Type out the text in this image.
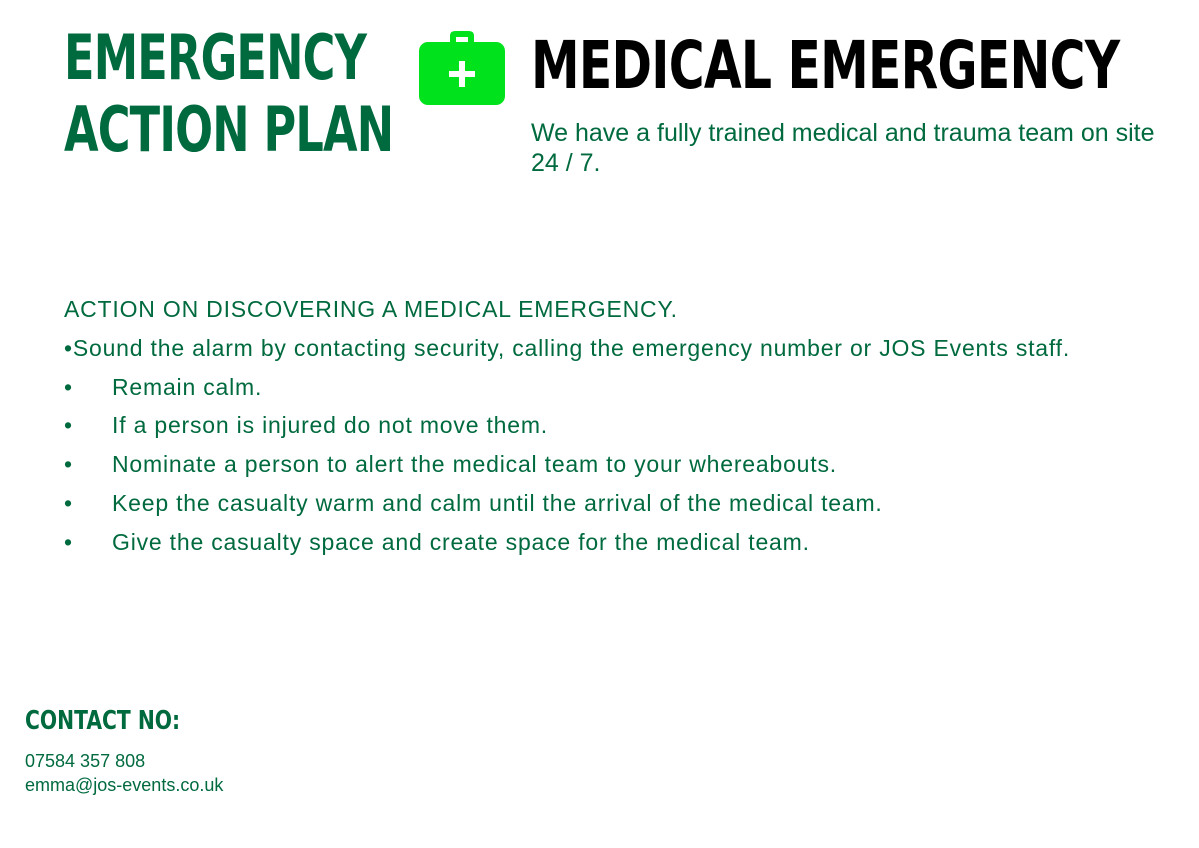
EMERGENCY
ACTION PLAN
MEDICAL EMERGENCY

We have a fully trained medical and trauma team on site 24 / 7.

ACTION ON DISCOVERING A MEDICAL EMERGENCY.

•Sound the alarm by contacting security, calling the emergency number or JOS Events staff.

• Remain calm.
• If a person is injured do not move them.
• Nominate a person to alert the medical team to your whereabouts.
• Keep the casualty warm and calm until the arrival of the medical team.
• Give the casualty space and create space for the medical team.
CONTACT NO:

07584 357 808

emma@jos-events.co.uk
